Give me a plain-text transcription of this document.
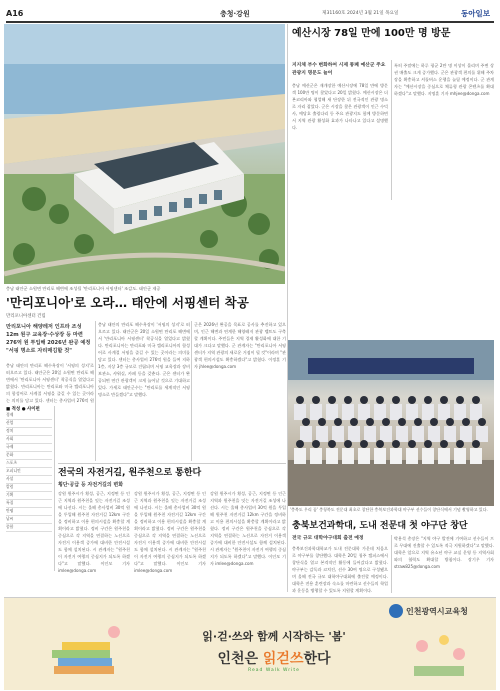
A16	충청·강원	제31160호 2024년 3월 21일 목요일	동아일보
충남 태안군 소원면 만리포 해변에 조성될 '만리포니아 서핑센터' 조감도. 태안군 제공
'만리포니아'로 오라… 태안에 서핑센터 착공
만리포니아센터 건립
만리포니아 해양레저 인프라 조성
12m 원구 교육장·수상장 등 마련
276억 원 투입해 2026년 완공 예정
"서핑 명소로 자리매김할 것"
충남 태안의 만리포 해수욕장이 '서핑의 성지'로 떠오르고 있다. 태안군은 20일 소원면 만리포 해변에서 '만리포니아 서핑센터' 착공식을 열었다고 밝혔다. 만리포니아는 만리포와 미국 캘리포니아의 합성어로 사계절 서핑을 즐길 수 있는 곳이라는 의미를 담고 있다. 센터는 총사업비 276억 원
충남 태안의 만리포 해수욕장이 '서핑의 성지'로 떠오르고 있다. 태안군은 20일 소원면 만리포 해변에서 '만리포니아 서핑센터' 착공식을 열었다고 밝혔다. 만리포니아는 만리포와 미국 캘리포니아의 합성어로 사계절 서핑을 즐길 수 있는 곳이라는 의미를 담고 있다. 센터는 총사업비 276억 원을 들여 지하 1층, 지상 3층 규모로 건립되며 서핑 교육장과 장비 보관소, 샤워실, 카페 등을 갖춘다. 군은 센터가 완공되면 연간 관광객이 크게 늘어날 것으로 기대하고 있다. 가세로 태안군수는 "만리포를 세계적인 서핑 명소로 만들겠다"고 말했다.
군은 2026년 완공을 목표로 공사를 추진하고 있으며, 인근 해변과 연계한 해양레저 관광 벨트도 구축할 계획이다. 주민들은 지역 경제 활성화에 대한 기대가 크다고 말했다. 군 관계자는 "만리포니아 서핑센터가 지역 관광의 새로운 거점이 될 것"이라며 "관광객 편의시설도 확충하겠다"고 밝혔다. 이정훈 기자 jhlee@donga.com
■ 적성 ● 사이펀
경제
산업
정치
사회
국제
문화
스포츠
오피니언
사설
칼럼
기획
특집
만평
날씨
종합
전국의 자전거길, 원주천으로 통한다
횡단·공급 등 자전거길의 변화
강원 원주시가 횡성, 공근, 지정면 등 인근 지역과 원주천을 잇는 자전거길 조성에 나선다. 시는 올해 총사업비 30억 원을 투입해 원주천 자전거길 12km 구간을 정비하고 이용 편의시설을 확충할 계획이라고 밝혔다. 정비 구간은 원주천을 중심으로 각 지역을 연결하는 노선으로 자전거 이용객 증가에 대비한 안전시설도 함께 설치된다. 시 관계자는 "원주천이 자전거 여행의 중심지가 되도록 하겠다"고 말했다. 이인모 기자 imlee@donga.com
강원 원주시가 횡성, 공근, 지정면 등 인근 지역과 원주천을 잇는 자전거길 조성에 나선다. 시는 올해 총사업비 30억 원을 투입해 원주천 자전거길 12km 구간을 정비하고 이용 편의시설을 확충할 계획이라고 밝혔다. 정비 구간은 원주천을 중심으로 각 지역을 연결하는 노선으로 자전거 이용객 증가에 대비한 안전시설도 함께 설치된다. 시 관계자는 "원주천이 자전거 여행의 중심지가 되도록 하겠다"고 말했다. 이인모 기자 imlee@donga.com
강원 원주시가 횡성, 공근, 지정면 등 인근 지역과 원주천을 잇는 자전거길 조성에 나선다. 시는 올해 총사업비 30억 원을 투입해 원주천 자전거길 12km 구간을 정비하고 이용 편의시설을 확충할 계획이라고 밝혔다. 정비 구간은 원주천을 중심으로 각 지역을 연결하는 노선으로 자전거 이용객 증가에 대비한 안전시설도 함께 설치된다. 시 관계자는 "원주천이 자전거 여행의 중심지가 되도록 하겠다"고 말했다. 이인모 기자 imlee@donga.com
예산시장 78일 만에 100만 명 방문
지지체 부수 변화하여 시제 통폐 예산군 주요 관광지 명문도 늘어
충남 예산군은 재개장한 예산시장에 78일 만에 방문객 100만 명이 찾았다고 20일 밝혔다. 예산시장은 더본코리아와 협업해 새 단장한 뒤 전국적인 관광 명소로 자리 잡았다. 군은 시장을 찾은 관광객이 인근 수덕사, 예당호 출렁다리 등 주요 관광지도 함께 방문하면서 지역 관광 활성화 효과가 나타나고 있다고 설명했다.
특히 주말에는 하루 평균 2만 명 이상이 몰리며 주변 상권 매출도 크게 증가했다. 군은 관광객 편의를 위해 주차장을 확충하고 셔틀버스 운행을 늘릴 예정이다. 군 관계자는 "예산시장을 중심으로 체류형 관광 콘텐츠를 확대하겠다"고 말했다. 지명훈 기자 mhjee@donga.com
'충북도 우리 꿈' 충청북도 전문대 최초로 창단한 충북보건과학대 야구부 선수들이 창단식에서 기념 촬영하고 있다.
충북보건과학대, 도내 전문대 첫 야구단 창단
전국 규모 대학야구대회 출전 예정
충북보건과학대학교가 도내 전문대학 가운데 처음으로 야구부를 창단했다. 대학은 20일 청주 캠퍼스에서 창단식을 열고 본격적인 활동에 들어갔다고 밝혔다. 야구부는 감독과 코치진, 선수 30여 명으로 구성됐으며 올해 전국 규모 대학야구대회에 출전할 예정이다. 대학은 전용 훈련장과 숙소를 마련하고 선수들의 학업과 운동을 병행할 수 있도록 지원할 계획이다.
박용석 총장은 "지역 야구 발전에 기여하고 선수들이 프로 무대에 진출할 수 있도록 적극 지원하겠다"고 말했다. 대학은 앞으로 지역 유소년 야구 교실 운영 등 지역사회와의 협력도 확대할 방침이다. 장기우 기자 straw825@donga.com
인천광역시교육청
읽·걷·쓰와 함께 시작하는 '봄'
인천은 읽걷쓰한다
Read Walk Write
